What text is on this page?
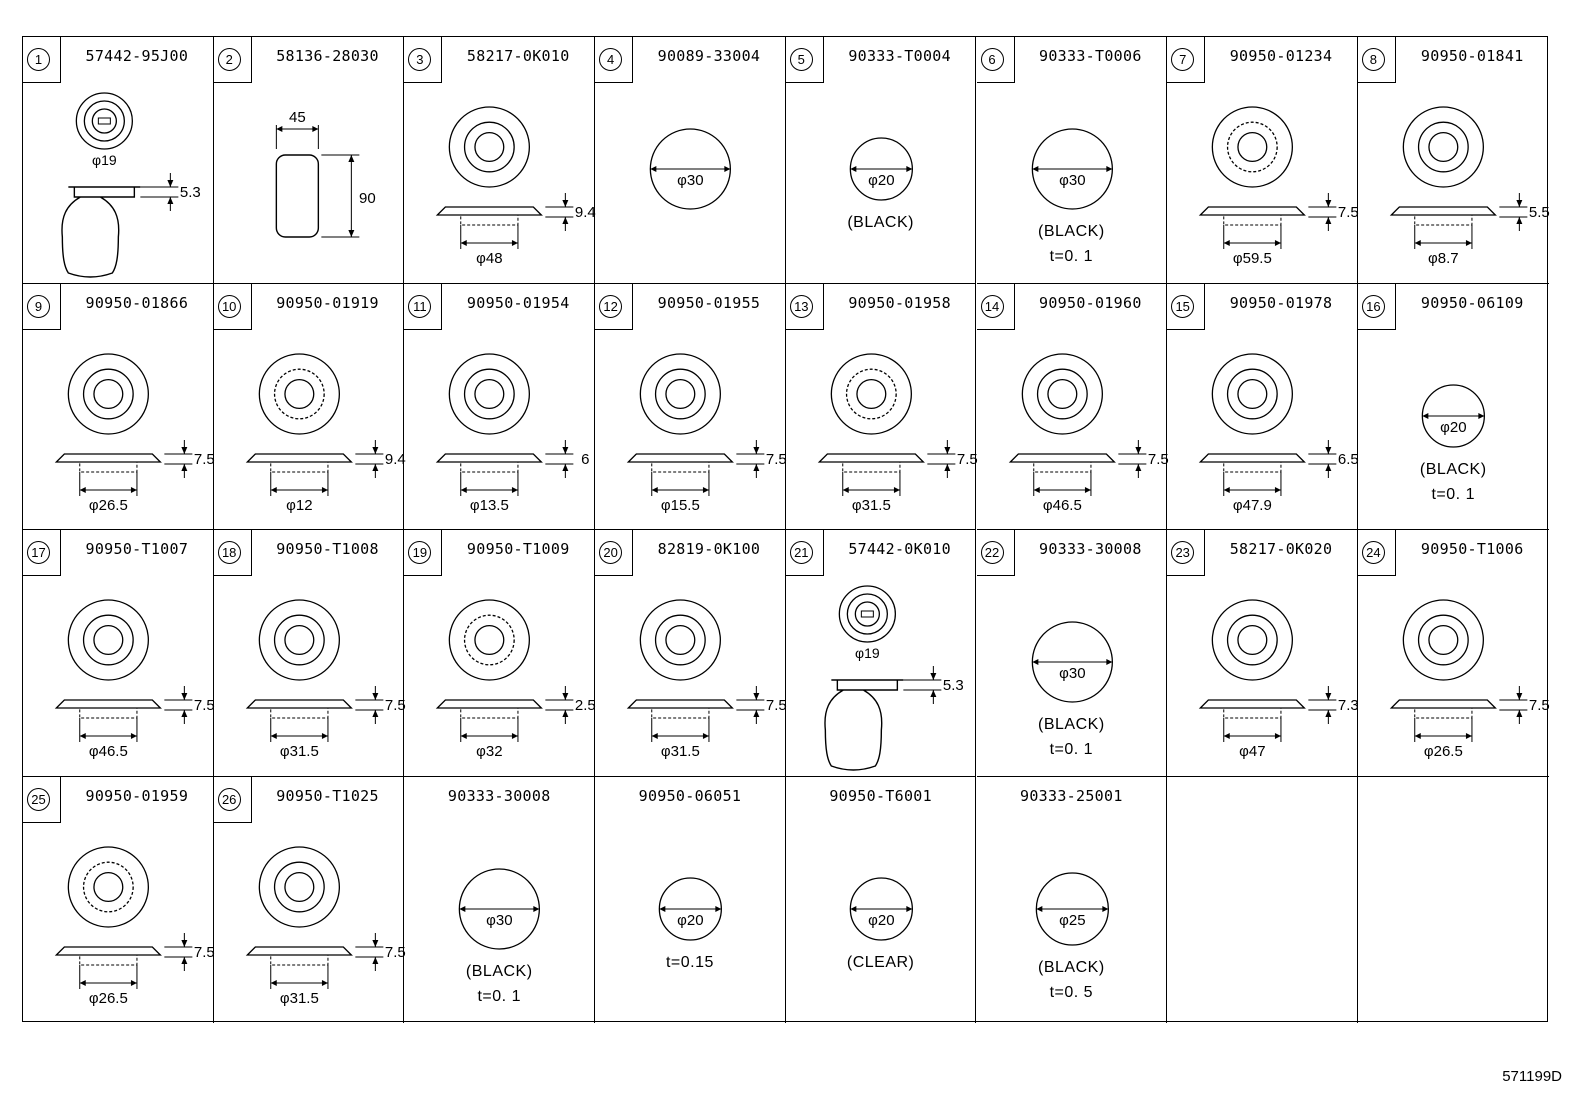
1	57442-95J00
φ19
5.3
2	58136-28030
45
90
3	58217-0K010
φ48
9.4
4	90089-33004
φ30
5	90333-T0004
φ20
(BLACK)
6	90333-T0006
φ30
(BLACK)
t=0. 1
7	90950-01234
φ59.5
7.5
8	90950-01841
φ8.7
5.5
9	90950-01866
φ26.5
7.5
10	90950-01919
φ12
9.4
11	90950-01954
φ13.5
6
12	90950-01955
φ15.5
7.5
13	90950-01958
φ31.5
7.5
14	90950-01960
φ46.5
7.5
15	90950-01978
φ47.9
6.5
16	90950-06109
φ20
(BLACK)
t=0. 1
17	90950-T1007
φ46.5
7.5
18	90950-T1008
φ31.5
7.5
19	90950-T1009
φ32
2.5
20	82819-0K100
φ31.5
7.5
21	57442-0K010
φ19
5.3
22	90333-30008
φ30
(BLACK)
t=0. 1
23	58217-0K020
φ47
7.3
24	90950-T1006
φ26.5
7.5
25	90950-01959
φ26.5
7.5
26	90950-T1025
φ31.5
7.5
90333-30008
φ30
(BLACK)
t=0. 1
90950-06051
φ20
t=0.15
90950-T6001
φ20
(CLEAR)
90333-25001
φ25
(BLACK)
t=0. 5
571199D
